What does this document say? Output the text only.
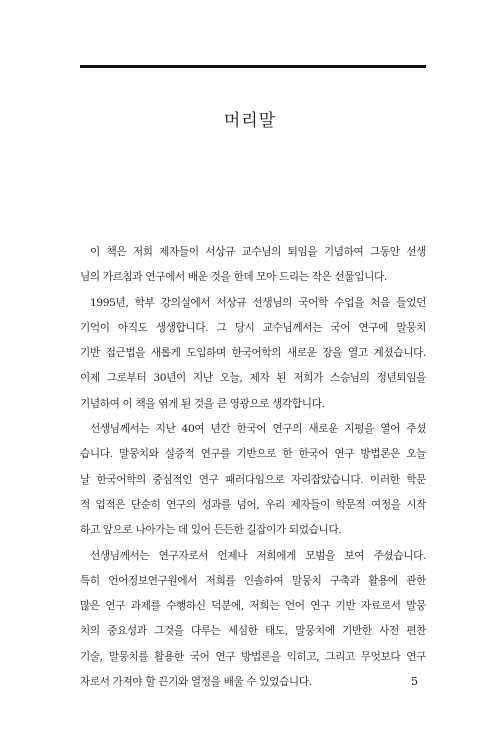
머리말

이 책은 저희 제자들이 서상규 교수님의 퇴임을 기념하여 그동안 선생
님의 가르침과 연구에서 배운 것을 한데 모아 드리는 작은 선물입니다.

1995년, 학부 강의실에서 서상규 선생님의 국어학 수업을 처음 들었던
기억이 아직도 생생합니다. 그 당시 교수님께서는 국어 연구에 말뭉치
기반 접근법을 새롭게 도입하며 한국어학의 새로운 장을 열고 계셨습니다.
이제 그로부터 30년이 지난 오늘, 제자 된 저희가 스승님의 정년퇴임을
기념하여 이 책을 엮게 된 것을 큰 영광으로 생각합니다.

선생님께서는 지난 40여 년간 한국어 연구의 새로운 지평을 열어 주셨
습니다. 말뭉치와 실증적 연구를 기반으로 한 한국어 연구 방법론은 오늘
날 한국어학의 중심적인 연구 패러다임으로 자리잡았습니다. 이러한 학문
적 업적은 단순히 연구의 성과를 넘어, 우리 제자들이 학문적 여정을 시작
하고 앞으로 나아가는 데 있어 든든한 길잡이가 되었습니다.

선생님께서는 연구자로서 언제나 저희에게 모범을 보여 주셨습니다.
특히 언어정보연구원에서 저희를 인솔하여 말뭉치 구축과 활용에 관한
많은 연구 과제를 수행하신 덕분에, 저희는 언어 연구 기반 자료로서 말뭉
치의 중요성과 그것을 다루는 세심한 태도, 말뭉치에 기반한 사전 편찬
기술, 말뭉치를 활용한 국어 연구 방법론을 익히고, 그리고 무엇보다 연구
자로서 가져야 할 끈기와 열정을 배울 수 있었습니다.	5
